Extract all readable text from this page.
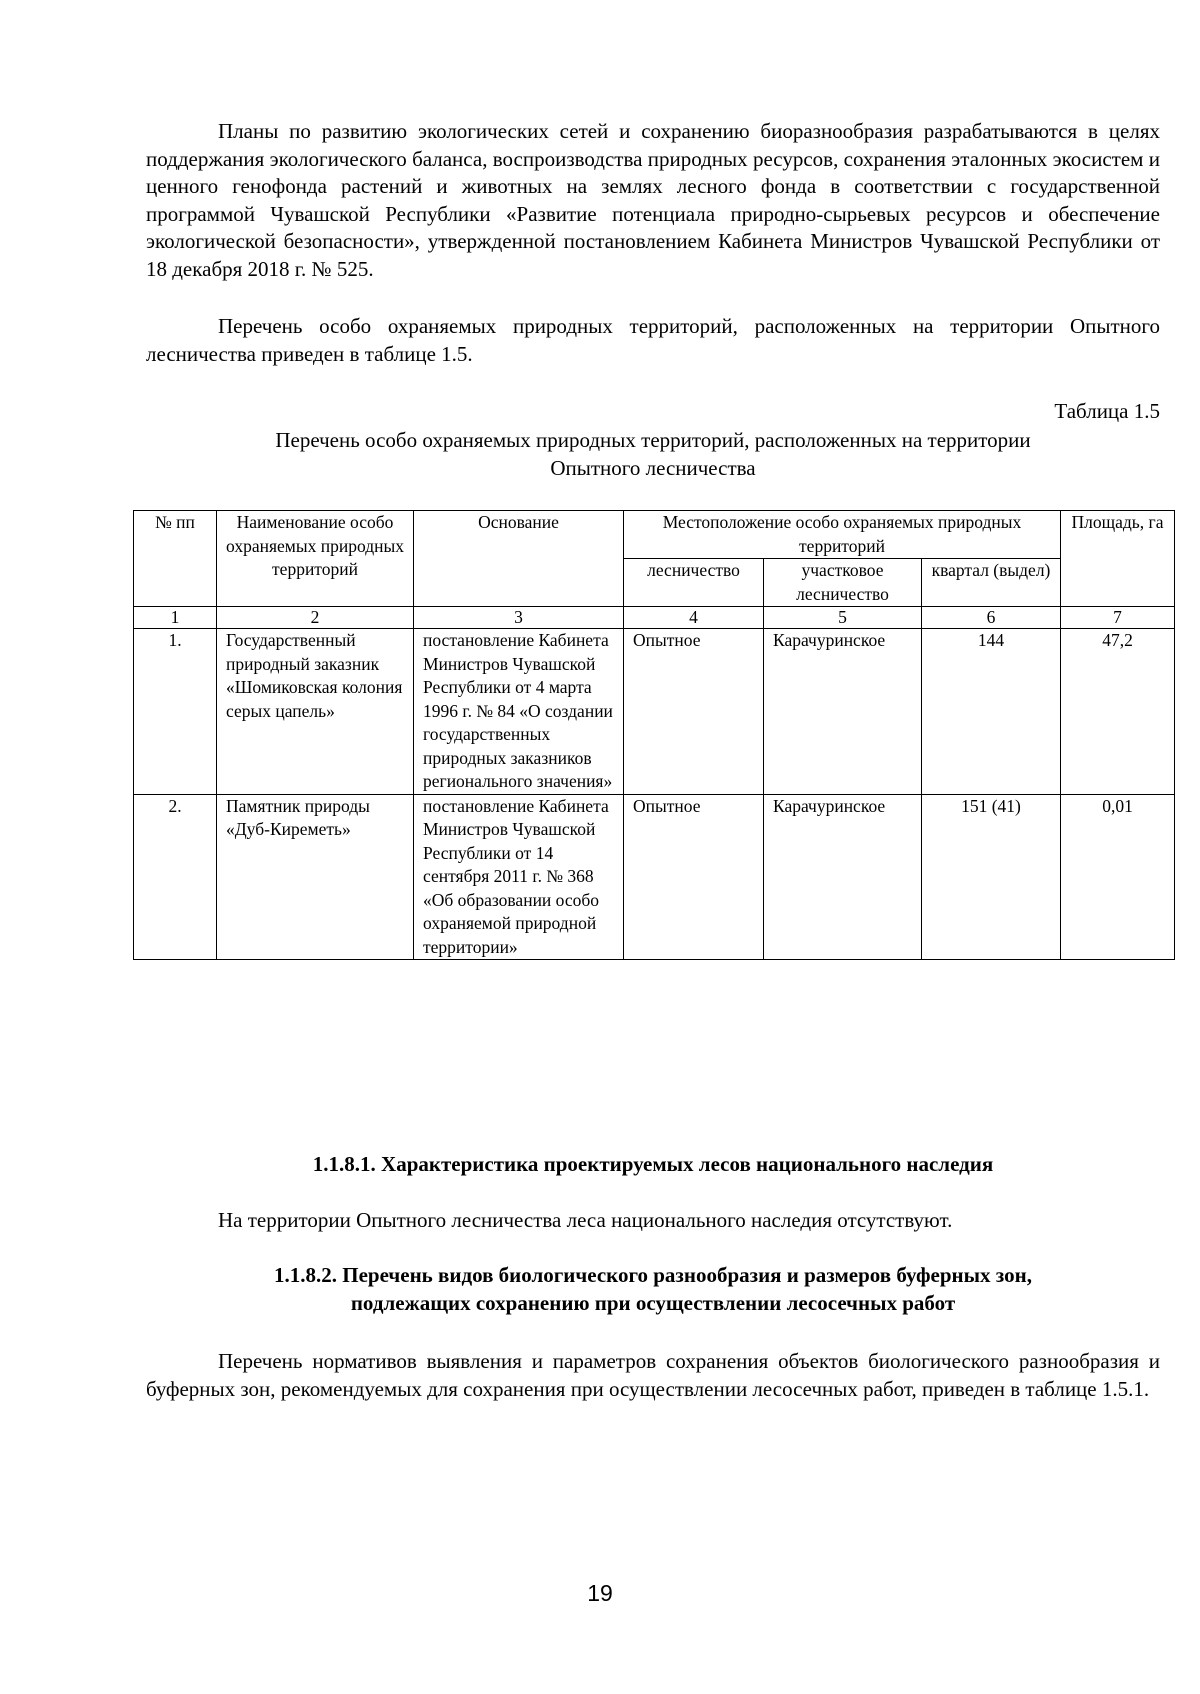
Планы по развитию экологических сетей и сохранению биоразнообразия разрабатываются в целях поддержания экологического баланса, воспроизводства природных ресурсов, сохранения эталонных экосистем и ценного генофонда растений и животных на землях лесного фонда в соответствии с государственной программой Чувашской Республики «Развитие потенциала природно-сырьевых ресурсов и обеспечение экологической безопасности», утвержденной постановлением Кабинета Министров Чувашской Республики от 18 декабря 2018 г. № 525.

Перечень особо охраняемых природных территорий, расположенных на территории Опытного лесничества приведен в таблице 1.5.

Таблица 1.5
Перечень особо охраняемых природных территорий, расположенных на территории
Опытного лесничества
№ пп	Наименование особо охраняемых природных территорий	Основание	Местоположение особо охраняемых природных территорий			Площадь, га
			лесничество	участковое лесничество	квартал (выдел)	
1	2	3	4	5	6	7
1.	Государственный природный заказник «Шомиковская колония серых цапель»	постановление Кабинета Министров Чувашской Республики от 4 марта 1996 г. № 84 «О создании государственных природных заказников регионального значения»	Опытное	Карачуринское	144	47,2
2.	Памятник природы «Дуб-Киреметь»	постановление Кабинета Министров Чувашской Республики от 14 сентября 2011 г. № 368 «Об образовании особо охраняемой природной территории»	Опытное	Карачуринское	151 (41)	0,01
1.1.8.1. Характеристика проектируемых лесов национального наследия

На территории Опытного лесничества леса национального наследия отсутствуют.

1.1.8.2. Перечень видов биологического разнообразия и размеров буферных зон,
подлежащих сохранению при осуществлении лесосечных работ

Перечень нормативов выявления и параметров сохранения объектов биологического разнообразия и буферных зон, рекомендуемых для сохранения при осуществлении лесосечных работ, приведен в таблице 1.5.1.

19
